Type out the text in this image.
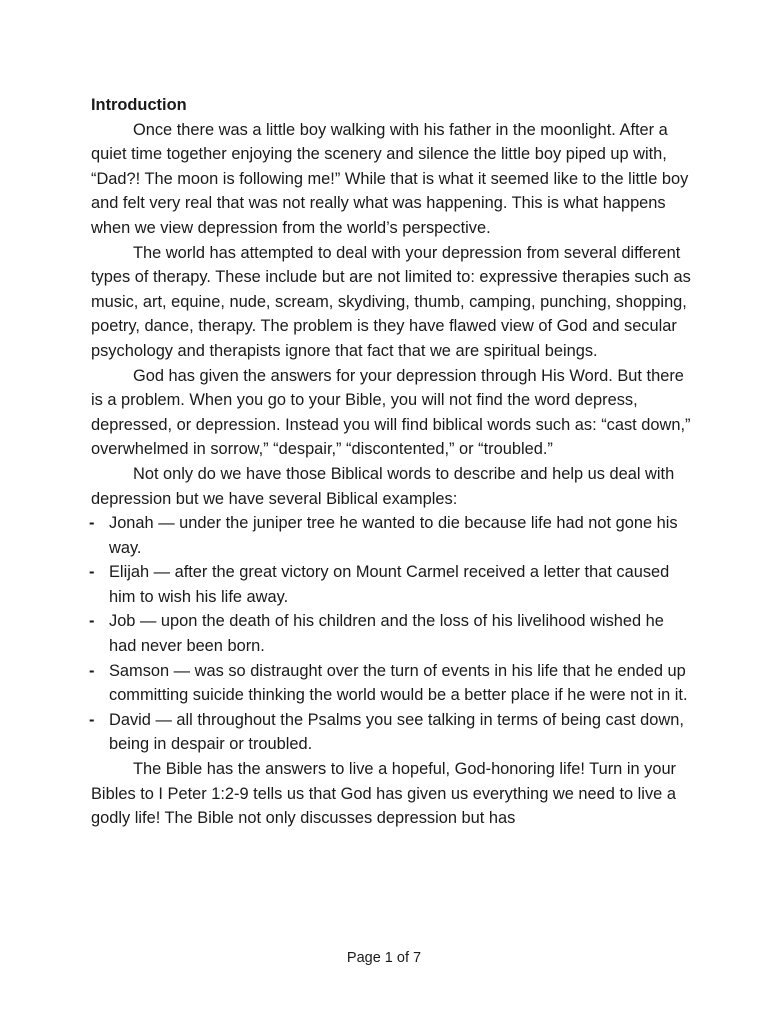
Introduction

Once there was a little boy walking with his father in the moonlight. After a quiet time together enjoying the scenery and silence the little boy piped up with, “Dad?! The moon is following me!” While that is what it seemed like to the little boy and felt very real that was not really what was happening. This is what happens when we view depression from the world’s perspective.

The world has attempted to deal with your depression from several different types of therapy. These include but are not limited to: expressive therapies such as music, art, equine, nude, scream, skydiving, thumb, camping, punching, shopping, poetry, dance, therapy. The problem is they have flawed view of God and secular psychology and therapists ignore that fact that we are spiritual beings.

God has given the answers for your depression through His Word. But there is a problem. When you go to your Bible, you will not find the word depress, depressed, or depression. Instead you will find biblical words such as: “cast down,” overwhelmed in sorrow,” “despair,” “discontented,” or “troubled.”

Not only do we have those Biblical words to describe and help us deal with depression but we have several Biblical examples:

- Jonah — under the juniper tree he wanted to die because life had not gone his way.
- Elijah — after the great victory on Mount Carmel received a letter that caused him to wish his life away.
- Job — upon the death of his children and the loss of his livelihood wished he had never been born.
- Samson — was so distraught over the turn of events in his life that he ended up committing suicide thinking the world would be a better place if he were not in it.
- David — all throughout the Psalms you see talking in terms of being cast down, being in despair or troubled.

The Bible has the answers to live a hopeful, God-honoring life! Turn in your Bibles to I Peter 1:2-9 tells us that God has given us everything we need to live a godly life! The Bible not only discusses depression but has

Page 1 of 7
